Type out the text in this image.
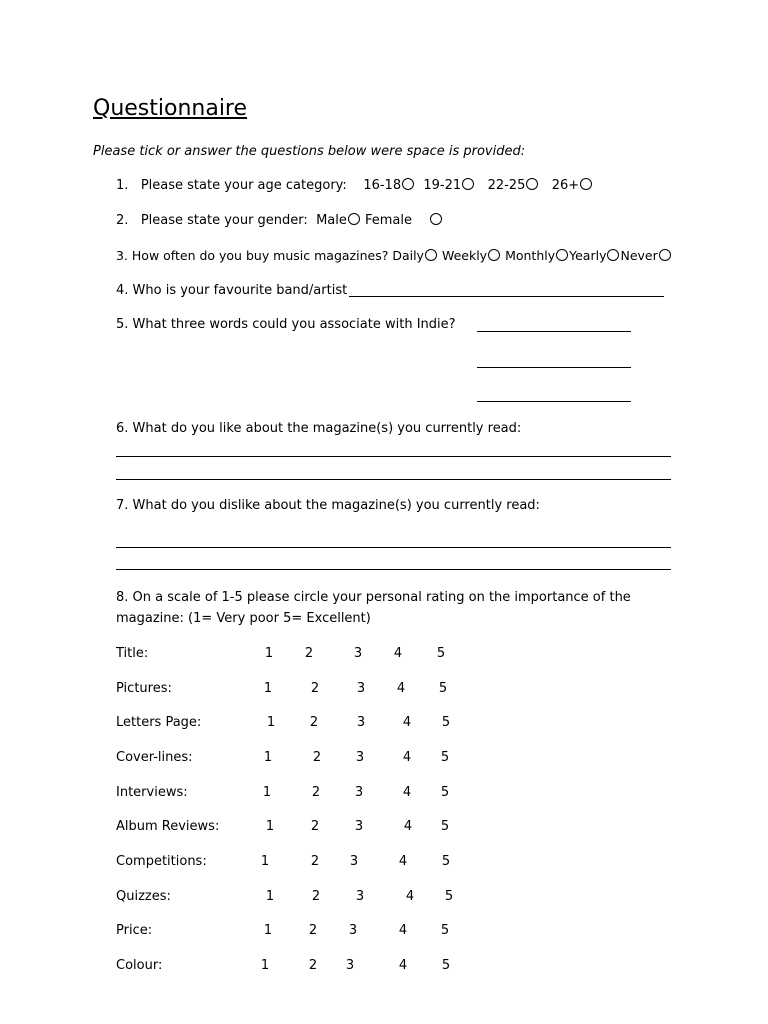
Questionnaire
Please tick or answer the questions below were space is provided:
1. Please state your age category: 16-18 19-21 22-25 26+
2. Please state your gender: Male Female
3. How often do you buy music magazines? Daily Weekly Monthly Yearly Never
4. Who is your favourite band/artist
5. What three words could you associate with Indie?
6. What do you like about the magazine(s) you currently read:
7. What do you dislike about the magazine(s) you currently read:
8. On a scale of 1-5 please circle your personal rating on the importance of the
magazine: (1= Very poor 5= Excellent)
Title:	1 2	3 4	5
Pictures:	1	2	3 4	5
Letters Page:	1	2	3	4 5
Cover-lines:	1	2	3	4 5
Interviews:	1	2	3	4 5
Album Reviews:	1	2	3	4 5
Competitions:	1	2 3	4	5
Quizzes:	1	2	3	4 5
Price:	1	2 3	4	5
Colour:	1	2 3	4	5
